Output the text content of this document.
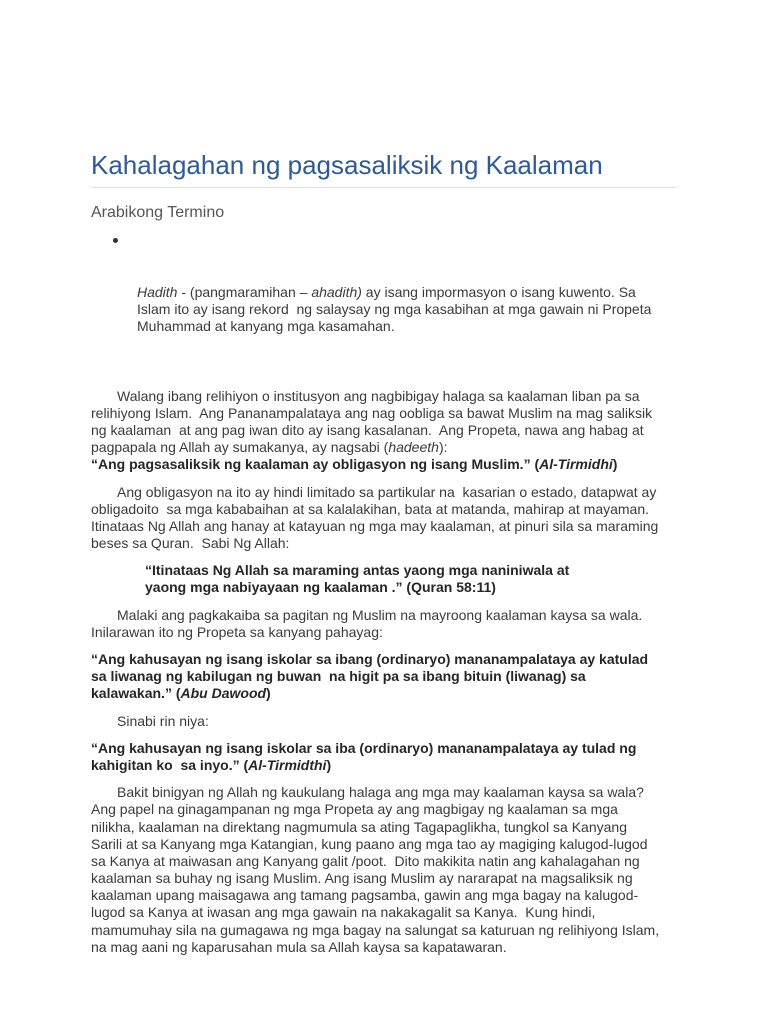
Kahalagahan ng pagsasaliksik ng Kaalaman
Arabikong Termino

Hadith - (pangmaramihan – ahadith) ay isang impormasyon o isang kuwento. Sa
Islam ito ay isang rekord  ng salaysay ng mga kasabihan at mga gawain ni Propeta
Muhammad at kanyang mga kasamahan.

Walang ibang relihiyon o institusyon ang nagbibigay halaga sa kaalaman liban pa sa
relihiyong Islam.  Ang Pananampalataya ang nag oobliga sa bawat Muslim na mag saliksik
ng kaalaman  at ang pag iwan dito ay isang kasalanan.  Ang Propeta, nawa ang habag at
pagpapala ng Allah ay sumakanya, ay nagsabi (hadeeth):
“Ang pagsasaliksik ng kaalaman ay obligasyon ng isang Muslim.” (Al-Tirmidhi)
Ang obligasyon na ito ay hindi limitado sa partikular na  kasarian o estado, datapwat ay
obligadoito  sa mga kababaihan at sa kalalakihan, bata at matanda, mahirap at mayaman.
Itinataas Ng Allah ang hanay at katayuan ng mga may kaalaman, at pinuri sila sa maraming
beses sa Quran.  Sabi Ng Allah:
“Itinataas Ng Allah sa maraming antas yaong mga naniniwala at
yaong mga nabiyayaan ng kaalaman .” (Quran 58:11)
Malaki ang pagkakaiba sa pagitan ng Muslim na mayroong kaalaman kaysa sa wala.
Inilarawan ito ng Propeta sa kanyang pahayag:
“Ang kahusayan ng isang iskolar sa ibang (ordinaryo) mananampalataya ay katulad
sa liwanag ng kabilugan ng buwan  na higit pa sa ibang bituin (liwanag) sa
kalawakan.” (Abu Dawood)
Sinabi rin niya:
“Ang kahusayan ng isang iskolar sa iba (ordinaryo) mananampalataya ay tulad ng
kahigitan ko  sa inyo.” (Al-Tirmidthi)
Bakit binigyan ng Allah ng kaukulang halaga ang mga may kaalaman kaysa sa wala?
Ang papel na ginagampanan ng mga Propeta ay ang magbigay ng kaalaman sa mga
nilikha, kaalaman na direktang nagmumula sa ating Tagapaglikha, tungkol sa Kanyang
Sarili at sa Kanyang mga Katangian, kung paano ang mga tao ay magiging kalugod-lugod
sa Kanya at maiwasan ang Kanyang galit /poot.  Dito makikita natin ang kahalagahan ng
kaalaman sa buhay ng isang Muslim. Ang isang Muslim ay nararapat na magsaliksik ng
kaalaman upang maisagawa ang tamang pagsamba, gawin ang mga bagay na kalugod-
lugod sa Kanya at iwasan ang mga gawain na nakakagalit sa Kanya.  Kung hindi,
mamumuhay sila na gumagawa ng mga bagay na salungat sa katuruan ng relihiyong Islam,
na mag aani ng kaparusahan mula sa Allah kaysa sa kapatawaran.
